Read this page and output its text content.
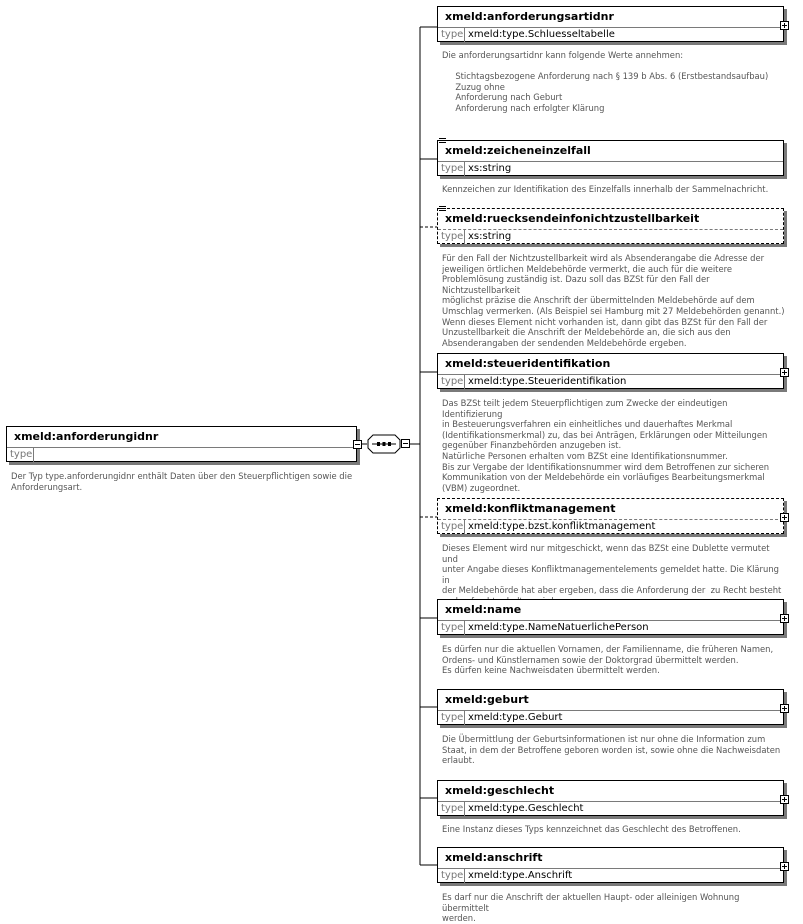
xmeld:anforderungidnr
type
Der Typ type.anforderungidnr enthält Daten über den Steuerpflichtigen sowie die Anforderungsart.
xmeld:anforderungsartidnr
type xmeld:type.Schluesseltabelle
Die anforderungsartidnr kann folgende Werte annehmen:

Stichtagsbezogene Anforderung nach § 139 b Abs. 6 (Erstbestandsaufbau)
Zuzug ohne
Anforderung nach Geburt
Anforderung nach erfolgter Klärung
xmeld:zeicheneinzelfall
type xs:string
Kennzeichen zur Identifikation des Einzelfalls innerhalb der Sammelnachricht.
xmeld:ruecksendeinfonichtzustellbarkeit
type xs:string
Für den Fall der Nichtzustellbarkeit wird als Absenderangabe die Adresse der
jeweiligen örtlichen Meldebehörde vermerkt, die auch für die weitere
Problemlösung zuständig ist. Dazu soll das BZSt für den Fall der Nichtzustellbarkeit
möglichst präzise die Anschrift der übermittelnden Meldebehörde auf dem
Umschlag vermerken. (Als Beispiel sei Hamburg mit 27 Meldebehörden genannt.)
Wenn dieses Element nicht vorhanden ist, dann gibt das BZSt für den Fall der
Unzustellbarkeit die Anschrift der Meldebehörde an, die sich aus den
Absenderangaben der sendenden Meldebehörde ergeben.
xmeld:steueridentifikation
type xmeld:type.Steueridentifikation
Das BZSt teilt jedem Steuerpflichtigen zum Zwecke der eindeutigen Identifizierung
in Besteuerungsverfahren ein einheitliches und dauerhaftes Merkmal
(Identifikationsmerkmal) zu, das bei Anträgen, Erklärungen oder Mitteilungen
gegenüber Finanzbehörden anzugeben ist.
Natürliche Personen erhalten vom BZSt eine Identifikationsnummer.
Bis zur Vergabe der Identifikationsnummer wird dem Betroffenen zur sicheren
Kommunikation von der Meldebehörde ein vorläufiges Bearbeitungsmerkmal
(VBM) zugeordnet.
xmeld:konfliktmanagement
type xmeld:type.bzst.konfliktmanagement
Dieses Element wird nur mitgeschickt, wenn das BZSt eine Dublette vermutet und
unter Angabe dieses Konfliktmanagementelements gemeldet hatte. Die Klärung in
der Meldebehörde hat aber ergeben, dass die Anforderung der  zu Recht besteht

xmeld:name
type xmeld:type.NameNatuerlichePerson
Es dürfen nur die aktuellen Vornamen, der Familienname, die früheren Namen,
Ordens- und Künstlernamen sowie der Doktorgrad übermittelt werden.
Es dürfen keine Nachweisdaten übermittelt werden.
xmeld:geburt
type xmeld:type.Geburt
Die Übermittlung der Geburtsinformationen ist nur ohne die Information zum
Staat, in dem der Betroffene geboren worden ist, sowie ohne die Nachweisdaten
erlaubt.
xmeld:geschlecht
type xmeld:type.Geschlecht
Eine Instanz dieses Typs kennzeichnet das Geschlecht des Betroffenen.
xmeld:anschrift
type xmeld:type.Anschrift
Es darf nur die Anschrift der aktuellen Haupt- oder alleinigen Wohnung übermittelt
werden.
